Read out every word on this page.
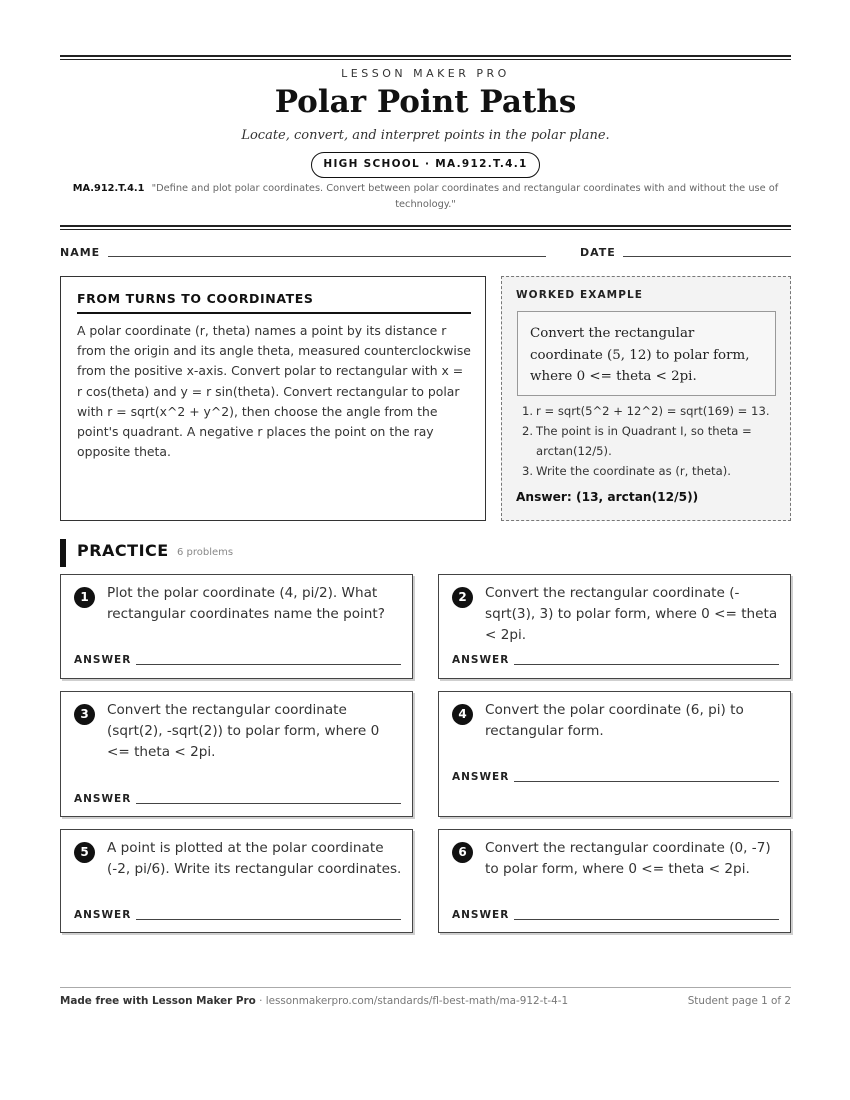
LESSON MAKER PRO
Polar Point Paths
Locate, convert, and interpret points in the polar plane.
HIGH SCHOOL · MA.912.T.4.1
MA.912.T.4.1 "Define and plot polar coordinates. Convert between polar coordinates and rectangular coordinates with and without the use of technology."
NAME	DATE
FROM TURNS TO COORDINATES
A polar coordinate (r, theta) names a point by its distance r from the origin and its angle theta, measured counterclockwise from the positive x-axis. Convert polar to rectangular with x = r cos(theta) and y = r sin(theta). Convert rectangular to polar with r = sqrt(x^2 + y^2), then choose the angle from the point's quadrant. A negative r places the point on the ray opposite theta.
WORKED EXAMPLE
Convert the rectangular coordinate (5, 12) to polar form, where 0 <= theta < 2pi.
1. r = sqrt(5^2 + 12^2) = sqrt(169) = 13.
2. The point is in Quadrant I, so theta = arctan(12/5).
3. Write the coordinate as (r, theta).
Answer: (13, arctan(12/5))
PRACTICE 6 problems
1	Plot the polar coordinate (4, pi/2). What rectangular coordinates name the point?
ANSWER
2	Convert the rectangular coordinate (-sqrt(3), 3) to polar form, where 0 <= theta < 2pi.
ANSWER
3	Convert the rectangular coordinate (sqrt(2), -sqrt(2)) to polar form, where 0 <= theta < 2pi.
ANSWER
4	Convert the polar coordinate (6, pi) to rectangular form.
ANSWER
5	A point is plotted at the polar coordinate (-2, pi/6). Write its rectangular coordinates.
ANSWER
6	Convert the rectangular coordinate (0, -7) to polar form, where 0 <= theta < 2pi.
ANSWER
Made free with Lesson Maker Pro · lessonmakerpro.com/standards/fl-best-math/ma-912-t-4-1	Student page 1 of 2
